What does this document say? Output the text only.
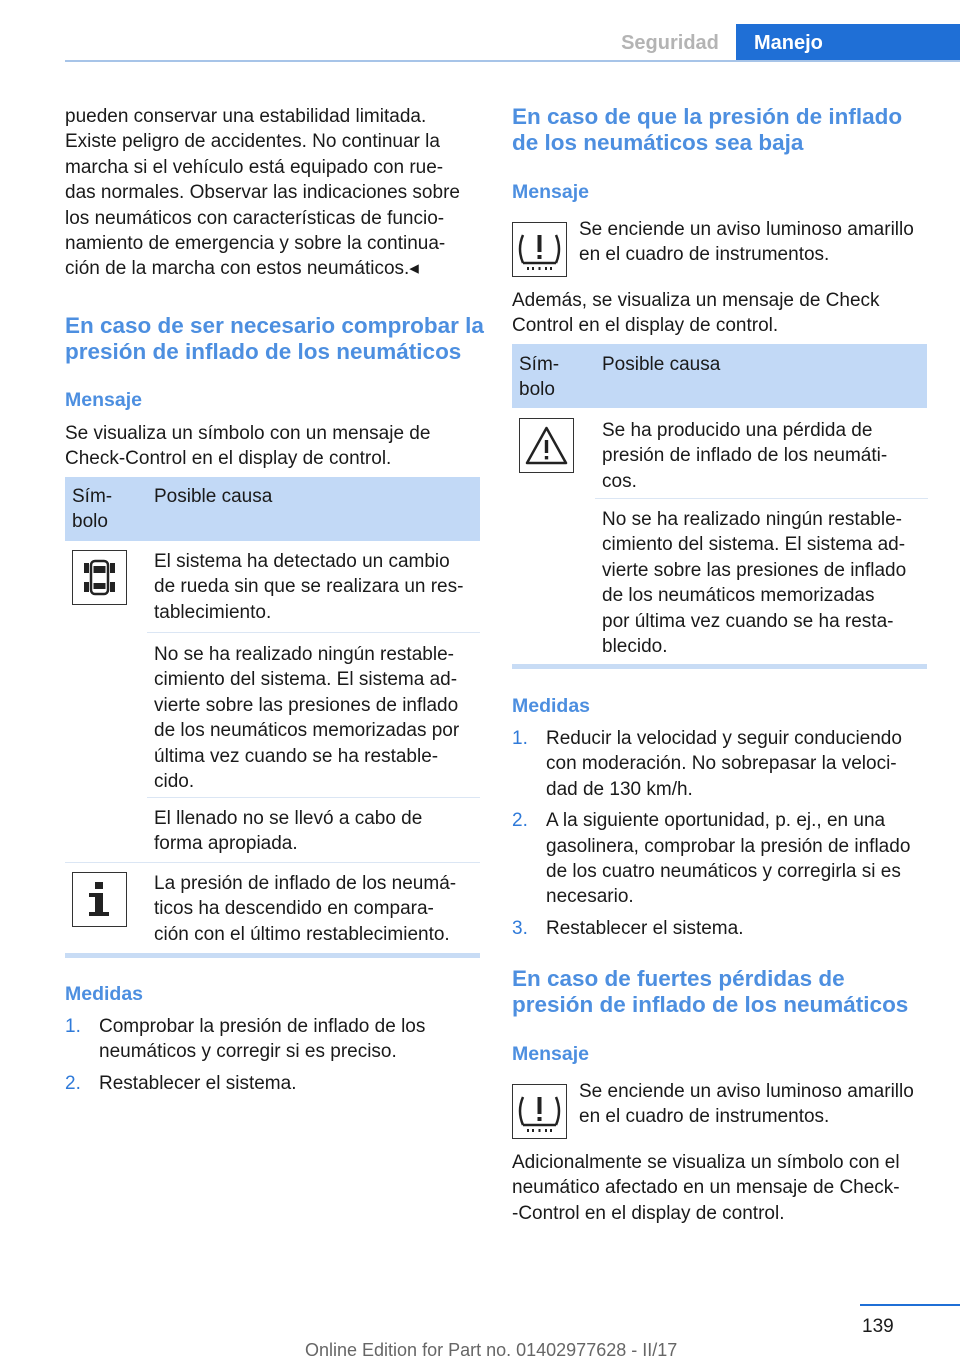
Seguridad	Manejo
pueden conservar una estabilidad limitada.
Existe peligro de accidentes. No continuar la
marcha si el vehículo está equipado con rue-
das normales. Observar las indicaciones sobre
los neumáticos con características de funcio-
namiento de emergencia y sobre la continua-
ción de la marcha con estos neumáticos.◂
En caso de ser necesario comprobar la
presión de inflado de los neumáticos
Mensaje
Se visualiza un símbolo con un mensaje de
Check-Control en el display de control.
Sím-
bolo
Posible causa
El sistema ha detectado un cambio
de rueda sin que se realizara un res-
tablecimiento.
No se ha realizado ningún restable-
cimiento del sistema. El sistema ad-
vierte sobre las presiones de inflado
de los neumáticos memorizadas por
última vez cuando se ha restable-
cido.
El llenado no se llevó a cabo de
forma apropiada.
La presión de inflado de los neumá-
ticos ha descendido en compara-
ción con el último restablecimiento.
Medidas
1. Comprobar la presión de inflado de los
neumáticos y corregir si es preciso.
2. Restablecer el sistema.
En caso de que la presión de inflado
de los neumáticos sea baja
Mensaje
Se enciende un aviso luminoso amarillo
en el cuadro de instrumentos.
Además, se visualiza un mensaje de Check
Control en el display de control.
Sím-
bolo
Posible causa
Se ha producido una pérdida de
presión de inflado de los neumáti-
cos.
No se ha realizado ningún restable-
cimiento del sistema. El sistema ad-
vierte sobre las presiones de inflado
de los neumáticos memorizadas
por última vez cuando se ha resta-
blecido.
Medidas
1. Reducir la velocidad y seguir conduciendo
con moderación. No sobrepasar la veloci-
dad de 130 km/h.
2. A la siguiente oportunidad, p. ej., en una
gasolinera, comprobar la presión de inflado
de los cuatro neumáticos y corregirla si es
necesario.
3. Restablecer el sistema.
En caso de fuertes pérdidas de
presión de inflado de los neumáticos
Mensaje
Se enciende un aviso luminoso amarillo
en el cuadro de instrumentos.
Adicionalmente se visualiza un símbolo con el
neumático afectado en un mensaje de Check-
-Control en el display de control.
139
Online Edition for Part no. 01402977628 - II/17
